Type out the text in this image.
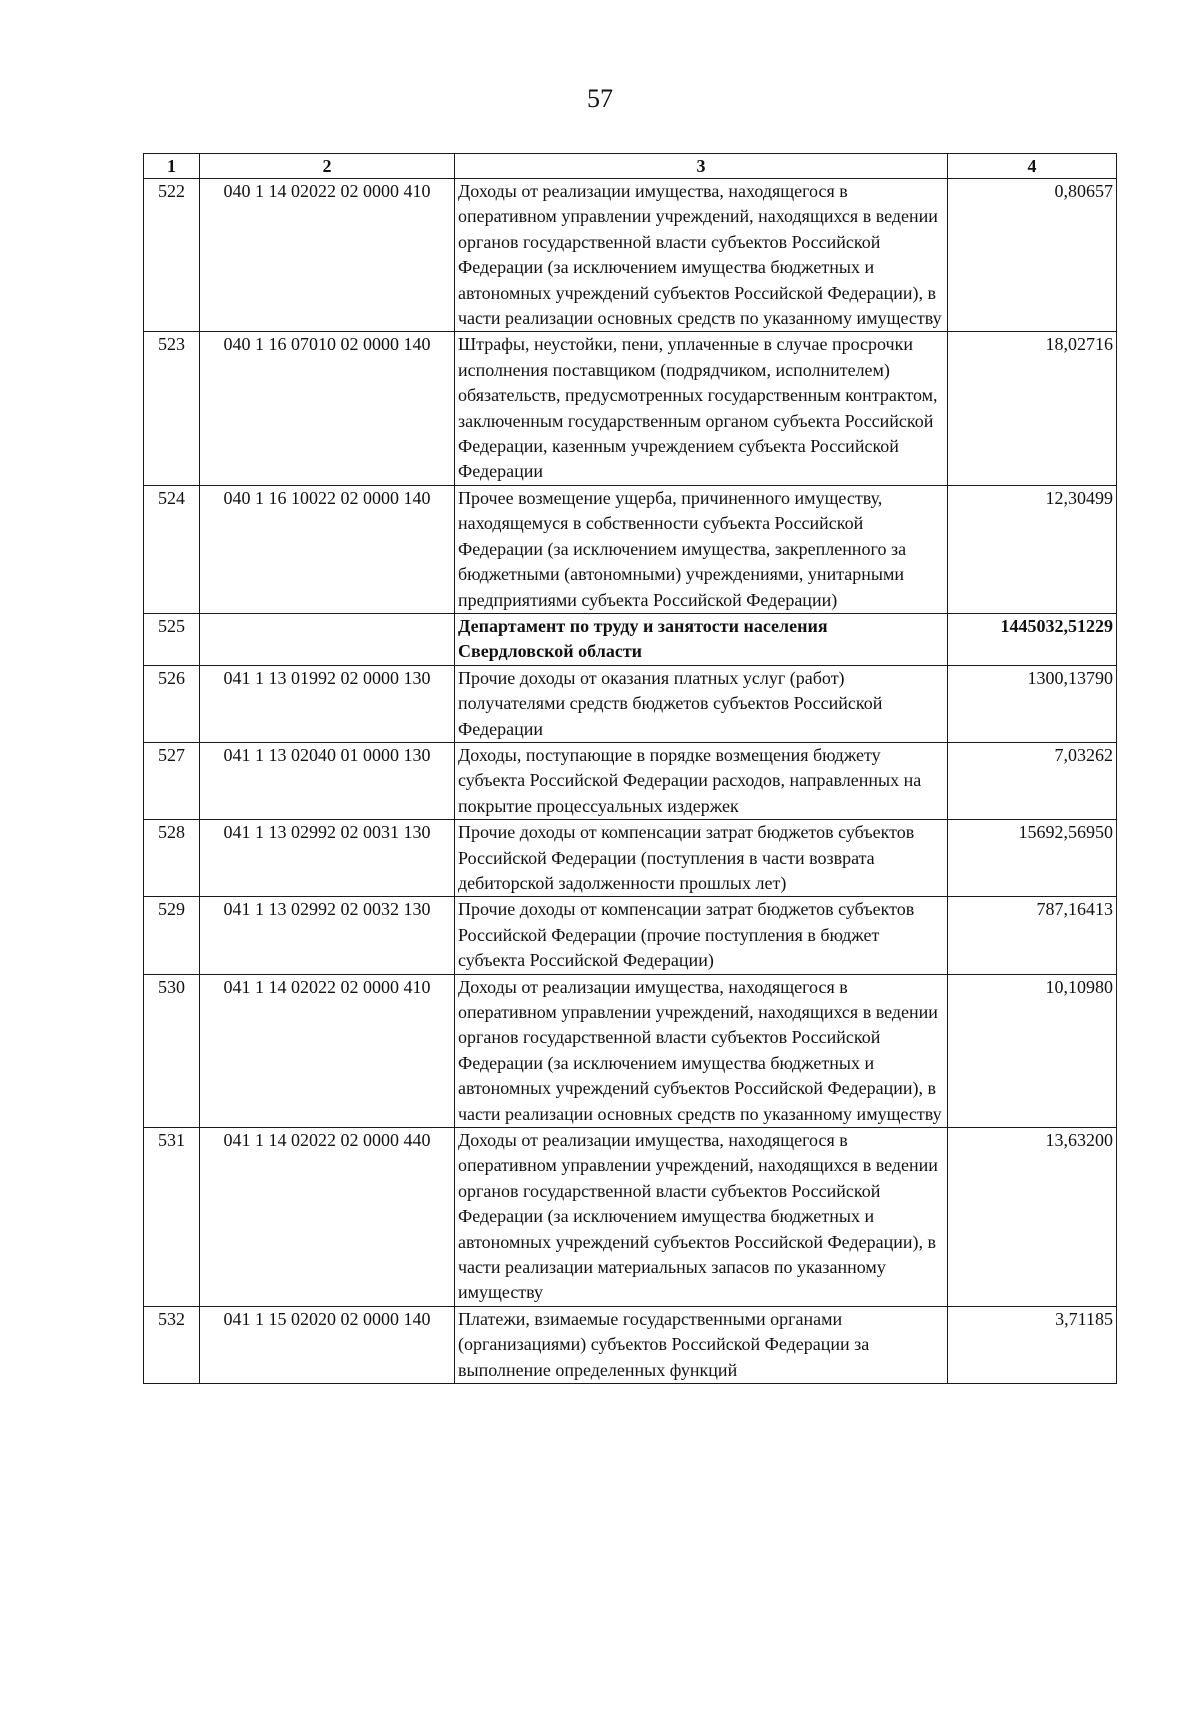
57
1	2	3	4
522	040 1 14 02022 02 0000 410	Доходы от реализации имущества, находящегося в оперативном управлении учреждений, находящихся в ведении органов государственной власти субъектов Российской Федерации (за исключением имущества бюджетных и автономных учреждений субъектов Российской Федерации), в части реализации основных средств по указанному имуществу	0,80657
523	040 1 16 07010 02 0000 140	Штрафы, неустойки, пени, уплаченные в случае просрочки исполнения поставщиком (подрядчиком, исполнителем) обязательств, предусмотренных государственным контрактом, заключенным государственным органом субъекта Российской Федерации, казенным учреждением субъекта Российской Федерации	18,02716
524	040 1 16 10022 02 0000 140	Прочее возмещение ущерба, причиненного имуществу, находящемуся в собственности субъекта Российской Федерации (за исключением имущества, закрепленного за бюджетными (автономными) учреждениями, унитарными предприятиями субъекта Российской Федерации)	12,30499
525		Департамент по труду и занятости населения Свердловской области	1445032,51229
526	041 1 13 01992 02 0000 130	Прочие доходы от оказания платных услуг (работ) получателями средств бюджетов субъектов Российской Федерации	1300,13790
527	041 1 13 02040 01 0000 130	Доходы, поступающие в порядке возмещения бюджету субъекта Российской Федерации расходов, направленных на покрытие процессуальных издержек	7,03262
528	041 1 13 02992 02 0031 130	Прочие доходы от компенсации затрат бюджетов субъектов Российской Федерации (поступления в части возврата дебиторской задолженности прошлых лет)	15692,56950
529	041 1 13 02992 02 0032 130	Прочие доходы от компенсации затрат бюджетов субъектов Российской Федерации (прочие поступления в бюджет субъекта Российской Федерации)	787,16413
530	041 1 14 02022 02 0000 410	Доходы от реализации имущества, находящегося в оперативном управлении учреждений, находящихся в ведении органов государственной власти субъектов Российской Федерации (за исключением имущества бюджетных и автономных учреждений субъектов Российской Федерации), в части реализации основных средств по указанному имуществу	10,10980
531	041 1 14 02022 02 0000 440	Доходы от реализации имущества, находящегося в оперативном управлении учреждений, находящихся в ведении органов государственной власти субъектов Российской Федерации (за исключением имущества бюджетных и автономных учреждений субъектов Российской Федерации), в части реализации материальных запасов по указанному имуществу	13,63200
532	041 1 15 02020 02 0000 140	Платежи, взимаемые государственными органами (организациями) субъектов Российской Федерации за выполнение определенных функций	3,71185
